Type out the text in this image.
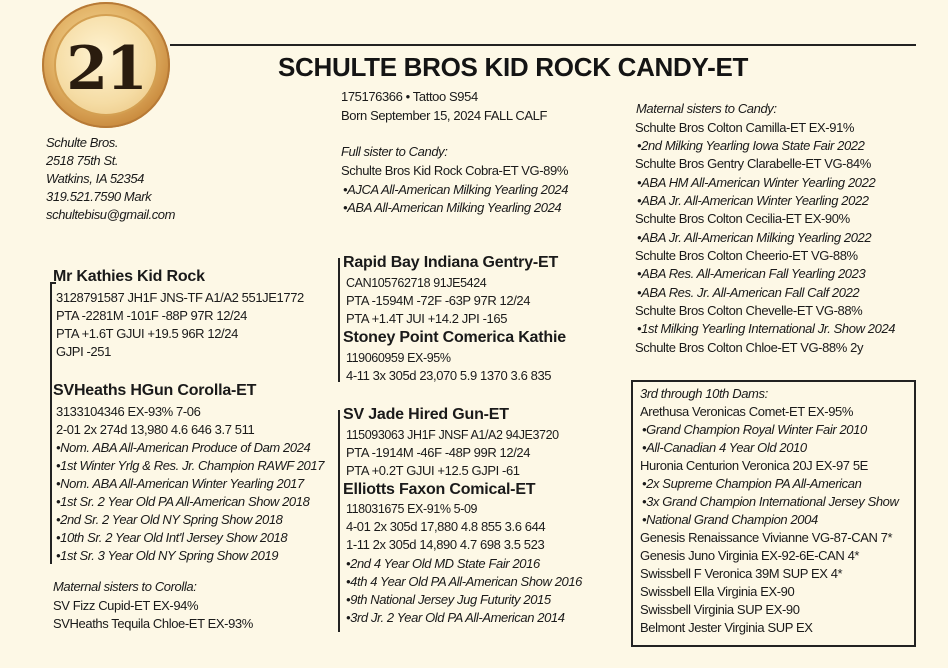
21	SCHULTE BROS KID ROCK CANDY-ET
Schulte Bros.
2518 75th St.
Watkins, IA 52354
319.521.7590 Mark
schultebisu@gmail.com
175176366 • Tattoo S954
Born September 15, 2024 FALL CALF
Full sister to Candy:
Schulte Bros Kid Rock Cobra-ET VG-89%
•AJCA All-American Milking Yearling 2024
•ABA All-American Milking Yearling 2024
Mr Kathies Kid Rock
3128791587 JH1F JNS-TF A1/A2 551JE1772
PTA -2281M -101F -88P 97R 12/24
PTA +1.6T GJUI +19.5 96R 12/24
GJPI -251
SVHeaths HGun Corolla-ET
3133104346 EX-93% 7-06
2-01 2x 274d 13,980 4.6 646 3.7 511
•Nom. ABA All-American Produce of Dam 2024
•1st Winter Yrlg & Res. Jr. Champion RAWF 2017
•Nom. ABA All-American Winter Yearling 2017
•1st Sr. 2 Year Old PA All-American Show 2018
•2nd Sr. 2 Year Old NY Spring Show 2018
•10th Sr. 2 Year Old Int'l Jersey Show 2018
•1st Sr. 3 Year Old NY Spring Show 2019
Maternal sisters to Corolla:
SV Fizz Cupid-ET EX-94%
SVHeaths Tequila Chloe-ET EX-93%
Rapid Bay Indiana Gentry-ET
CAN105762718 91JE5424
PTA -1594M -72F -63P 97R 12/24
PTA +1.4T JUI +14.2 JPI -165
Stoney Point Comerica Kathie
119060959 EX-95%
4-11 3x 305d 23,070 5.9 1370 3.6 835
SV Jade Hired Gun-ET
115093063 JH1F JNSF A1/A2 94JE3720
PTA -1914M -46F -48P 99R 12/24
PTA +0.2T GJUI +12.5 GJPI -61
Elliotts Faxon Comical-ET
118031675 EX-91% 5-09
4-01 2x 305d 17,880 4.8 855 3.6 644
1-11 2x 305d 14,890 4.7 698 3.5 523
•2nd 4 Year Old MD State Fair 2016
•4th 4 Year Old PA All-American Show 2016
•9th National Jersey Jug Futurity 2015
•3rd Jr. 2 Year Old PA All-American 2014
Maternal sisters to Candy:
Schulte Bros Colton Camilla-ET EX-91%
•2nd Milking Yearling Iowa State Fair 2022
Schulte Bros Gentry Clarabelle-ET VG-84%
•ABA HM All-American Winter Yearling 2022
•ABA Jr. All-American Winter Yearling 2022
Schulte Bros Colton Cecilia-ET EX-90%
•ABA Jr. All-American Milking Yearling 2022
Schulte Bros Colton Cheerio-ET VG-88%
•ABA Res. All-American Fall Yearling 2023
•ABA Res. Jr. All-American Fall Calf 2022
Schulte Bros Colton Chevelle-ET VG-88%
•1st Milking Yearling International Jr. Show 2024
Schulte Bros Colton Chloe-ET VG-88% 2y
3rd through 10th Dams:
Arethusa Veronicas Comet-ET EX-95%
•Grand Champion Royal Winter Fair 2010
•All-Canadian 4 Year Old 2010
Huronia Centurion Veronica 20J EX-97 5E
•2x Supreme Champion PA All-American
•3x Grand Champion International Jersey Show
•National Grand Champion 2004
Genesis Renaissance Vivianne VG-87-CAN 7*
Genesis Juno Virginia EX-92-6E-CAN 4*
Swissbell F Veronica 39M SUP EX 4*
Swissbell Ella Virginia EX-90
Swissbell Virginia SUP EX-90
Belmont Jester Virginia SUP EX
